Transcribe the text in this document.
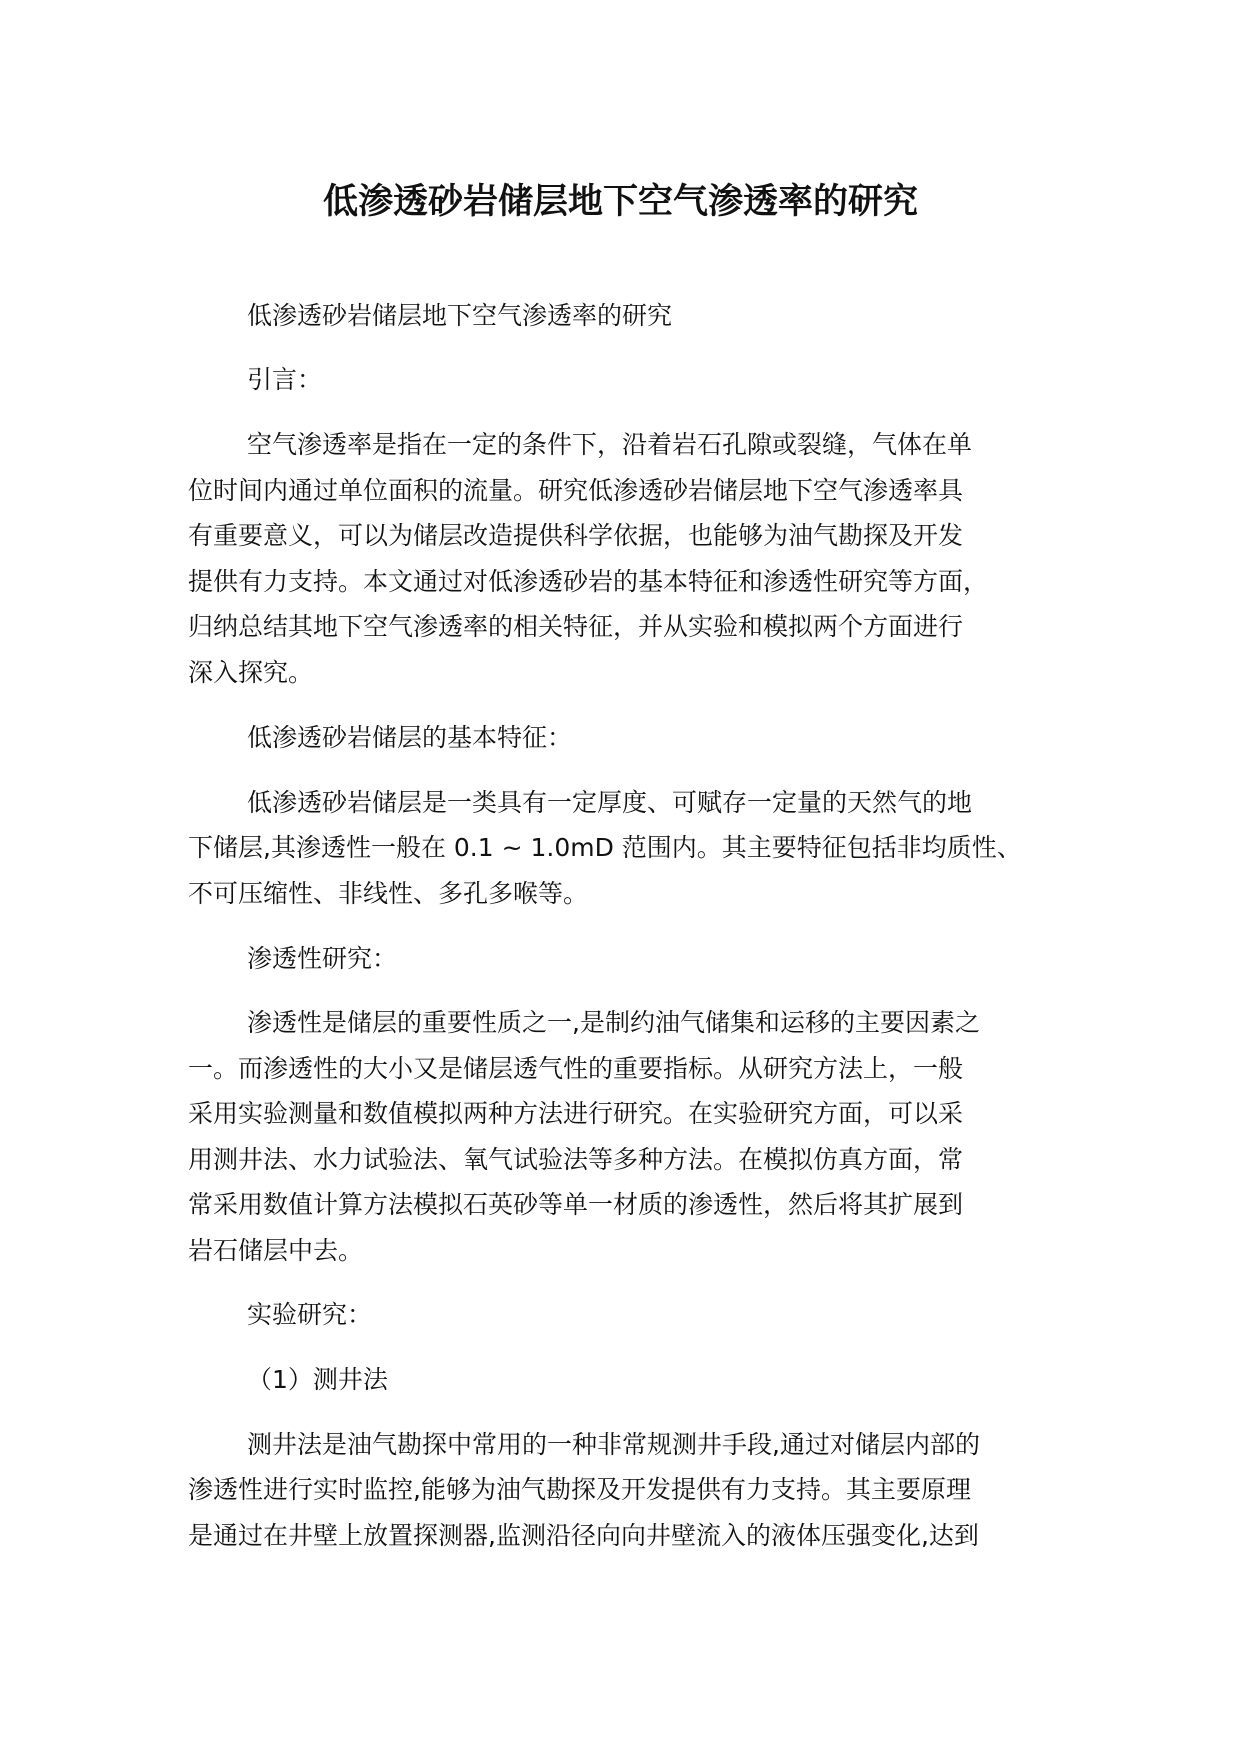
低渗透砂岩储层地下空气渗透率的研究
低渗透砂岩储层地下空气渗透率的研究
引言：
空气渗透率是指在一定的条件下，沿着岩石孔隙或裂缝，气体在单
位时间内通过单位面积的流量。研究低渗透砂岩储层地下空气渗透率具
有重要意义，可以为储层改造提供科学依据，也能够为油气勘探及开发
提供有力支持。本文通过对低渗透砂岩的基本特征和渗透性研究等方面，
归纳总结其地下空气渗透率的相关特征，并从实验和模拟两个方面进行
深入探究。
低渗透砂岩储层的基本特征：
低渗透砂岩储层是一类具有一定厚度、可赋存一定量的天然气的地
下储层,其渗透性一般在 0.1 ~ 1.0mD 范围内。其主要特征包括非均质性、
不可压缩性、非线性、多孔多喉等。
渗透性研究：
渗透性是储层的重要性质之一,是制约油气储集和运移的主要因素之
一。而渗透性的大小又是储层透气性的重要指标。从研究方法上，一般
采用实验测量和数值模拟两种方法进行研究。在实验研究方面，可以采
用测井法、水力试验法、氧气试验法等多种方法。在模拟仿真方面，常
常采用数值计算方法模拟石英砂等单一材质的渗透性，然后将其扩展到
岩石储层中去。
实验研究：
（1）测井法
测井法是油气勘探中常用的一种非常规测井手段,通过对储层内部的
渗透性进行实时监控,能够为油气勘探及开发提供有力支持。其主要原理
是通过在井壁上放置探测器,监测沿径向向井壁流入的液体压强变化,达到
